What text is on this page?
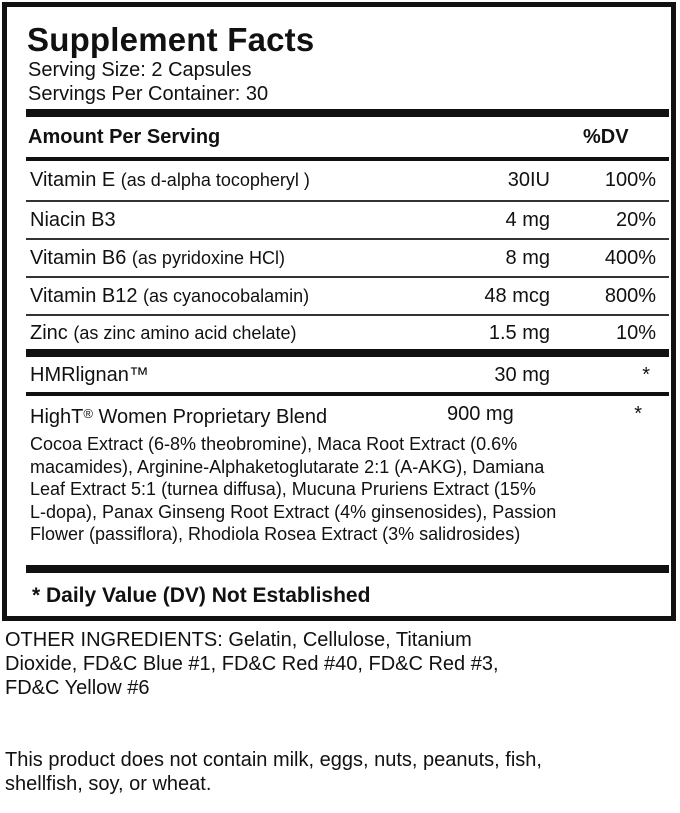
Supplement Facts
Serving Size: 2 Capsules
Servings Per Container: 30
Amount Per Serving	%DV
Vitamin E (as d-alpha tocopheryl )	30IU	100%
Niacin B3	4 mg	20%
Vitamin B6 (as pyridoxine HCl)	8 mg	400%
Vitamin B12 (as cyanocobalamin)	48 mcg	800%
Zinc (as zinc amino acid chelate)	1.5 mg	10%
HMRlignan™	30 mg	*
HighT® Women Proprietary Blend	900 mg	*

Cocoa Extract (6-8% theobromine), Maca Root Extract (0.6%

macamides), Arginine-Alphaketoglutarate 2:1 (A-AKG), Damiana

Leaf Extract 5:1 (turnea diffusa), Mucuna Pruriens Extract (15%

L-dopa), Panax Ginseng Root Extract (4% ginsenosides), Passion

Flower (passiflora), Rhodiola Rosea Extract (3% salidrosides)

* Daily Value (DV) Not Established

OTHER INGREDIENTS: Gelatin, Cellulose, Titanium

Dioxide, FD&C Blue #1, FD&C Red #40, FD&C Red #3,

FD&C Yellow #6

This product does not contain milk, eggs, nuts, peanuts, fish,

shellfish, soy, or wheat.
